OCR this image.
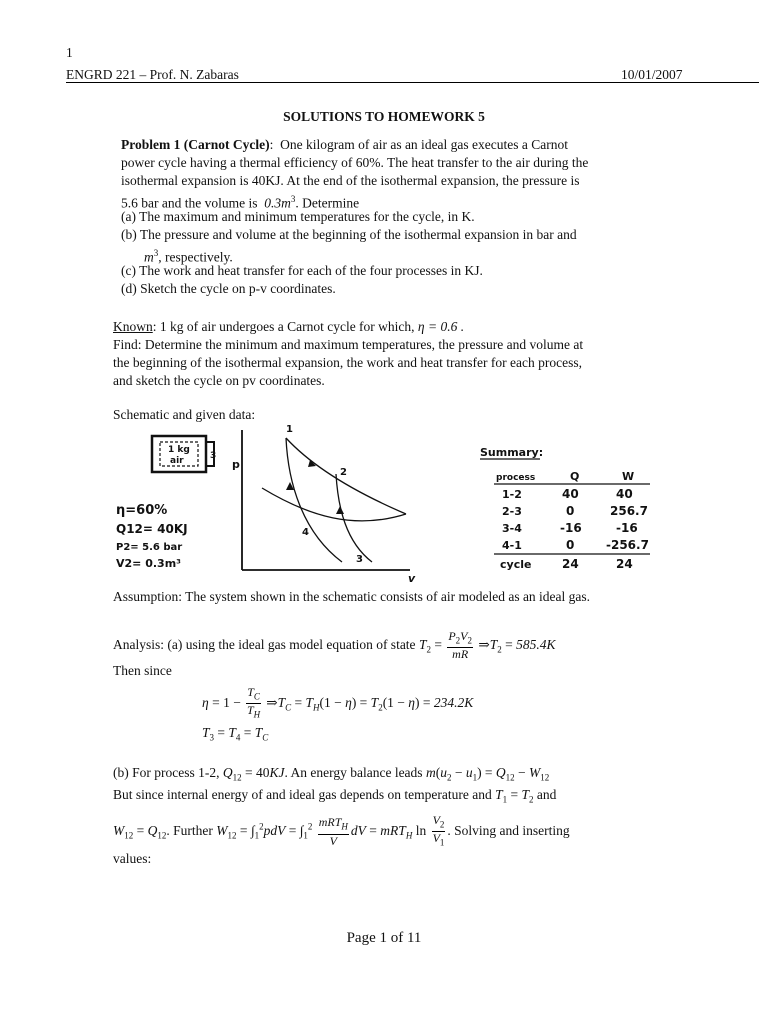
1
ENGRD 221 – Prof. N. Zabaras	10/01/2007
SOLUTIONS TO HOMEWORK 5
Problem 1 (Carnot Cycle):  One kilogram of air as an ideal gas executes a Carnot
power cycle having a thermal efficiency of 60%. The heat transfer to the air during the
isothermal expansion is 40KJ. At the end of the isothermal expansion, the pressure is
5.6 bar and the volume is $0.3m^3$. Determine
(a) The maximum and minimum temperatures for the cycle, in K.
(b) The pressure and volume at the beginning of the isothermal expansion in bar and
$m^3$, respectively.
(c) The work and heat transfer for each of the four processes in KJ.
(d) Sketch the cycle on p-v coordinates.
Known: 1 kg of air undergoes a Carnot cycle for which, η = 0.6 .
Find: Determine the minimum and maximum temperatures, the pressure and volume at
the beginning of the isothermal expansion, the work and heat transfer for each process,
and sketch the cycle on pv coordinates.
Schematic and given data:
1 kg
air	3
η=60%
Q12= 40KJ
P2= 5.6 bar
V2= 0.3m³
p
v
1
2
3
4
Summary:
process	Q	W
1-2	40	40
2-3	0	256.7
3-4	-16	-16
4-1	0	-256.7
cycle	24	24
Assumption: The system shown in the schematic consists of air modeled as an ideal gas.
Analysis: (a) using the ideal gas model equation of state $T_2 = \frac{P_2V_2}{mR}$ $\Rightarrow T_2 = 585.4K$
Then since
$\eta = 1 - \frac{T_C}{T_H}$ $\Rightarrow T_C = T_H(1 - \eta) = T_2(1 - \eta) = 234.2K$
$T_3 = T_4 = T_C$
(b) For process 1-2, $Q_{12} = 40KJ$. An energy balance leads $m(u_2 - u_1) = Q_{12} - W_{12}$
But since internal energy of and ideal gas depends on temperature and $T_1 = T_2$ and
$W_{12} = Q_{12}$. Further $W_{12} = \int_1^2pdV = \int_1^2 \frac{mRT_H}{V}$ dV = mRT$_H$ $\ln \frac{V_2}{V_1}$ . Solving and inserting
values:
Page 1 of 11
